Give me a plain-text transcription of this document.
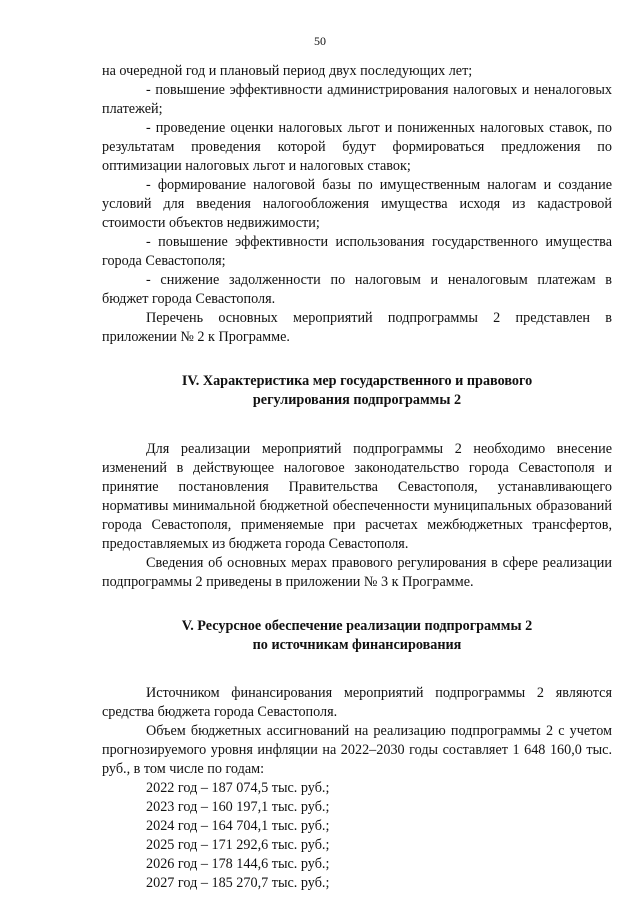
50

на очередной год и плановый период двух последующих лет;

- повышение эффективности администрирования налоговых и неналоговых платежей;

- проведение оценки налоговых льгот и пониженных налоговых ставок, по результатам проведения которой будут формироваться предложения по оптимизации налоговых льгот и налоговых ставок;

- формирование налоговой базы по имущественным налогам и создание условий для введения налогообложения имущества исходя из кадастровой стоимости объектов недвижимости;

- повышение эффективности использования государственного имущества города Севастополя;

- снижение задолженности по налоговым и неналоговым платежам в бюджет города Севастополя.

Перечень основных мероприятий подпрограммы 2 представлен в приложении № 2 к Программе.

IV. Характеристика мер государственного и правового
регулирования подпрограммы 2

Для реализации мероприятий подпрограммы 2 необходимо внесение изменений в действующее налоговое законодательство города Севастополя и принятие постановления Правительства Севастополя, устанавливающего нормативы минимальной бюджетной обеспеченности муниципальных образований города Севастополя, применяемые при расчетах межбюджетных трансфертов, предоставляемых из бюджета города Севастополя.

Сведения об основных мерах правового регулирования в сфере реализации подпрограммы 2 приведены в приложении № 3 к Программе.

V. Ресурсное обеспечение реализации подпрограммы 2
по источникам финансирования

Источником финансирования мероприятий подпрограммы 2 являются средства бюджета города Севастополя.

Объем бюджетных ассигнований на реализацию подпрограммы 2 с учетом прогнозируемого уровня инфляции на 2022–2030 годы составляет 1 648 160,0 тыс. руб., в том числе по годам:

2022 год – 187 074,5 тыс. руб.;
2023 год – 160 197,1 тыс. руб.;
2024 год – 164 704,1 тыс. руб.;
2025 год – 171 292,6 тыс. руб.;
2026 год – 178 144,6 тыс. руб.;
2027 год – 185 270,7 тыс. руб.;
